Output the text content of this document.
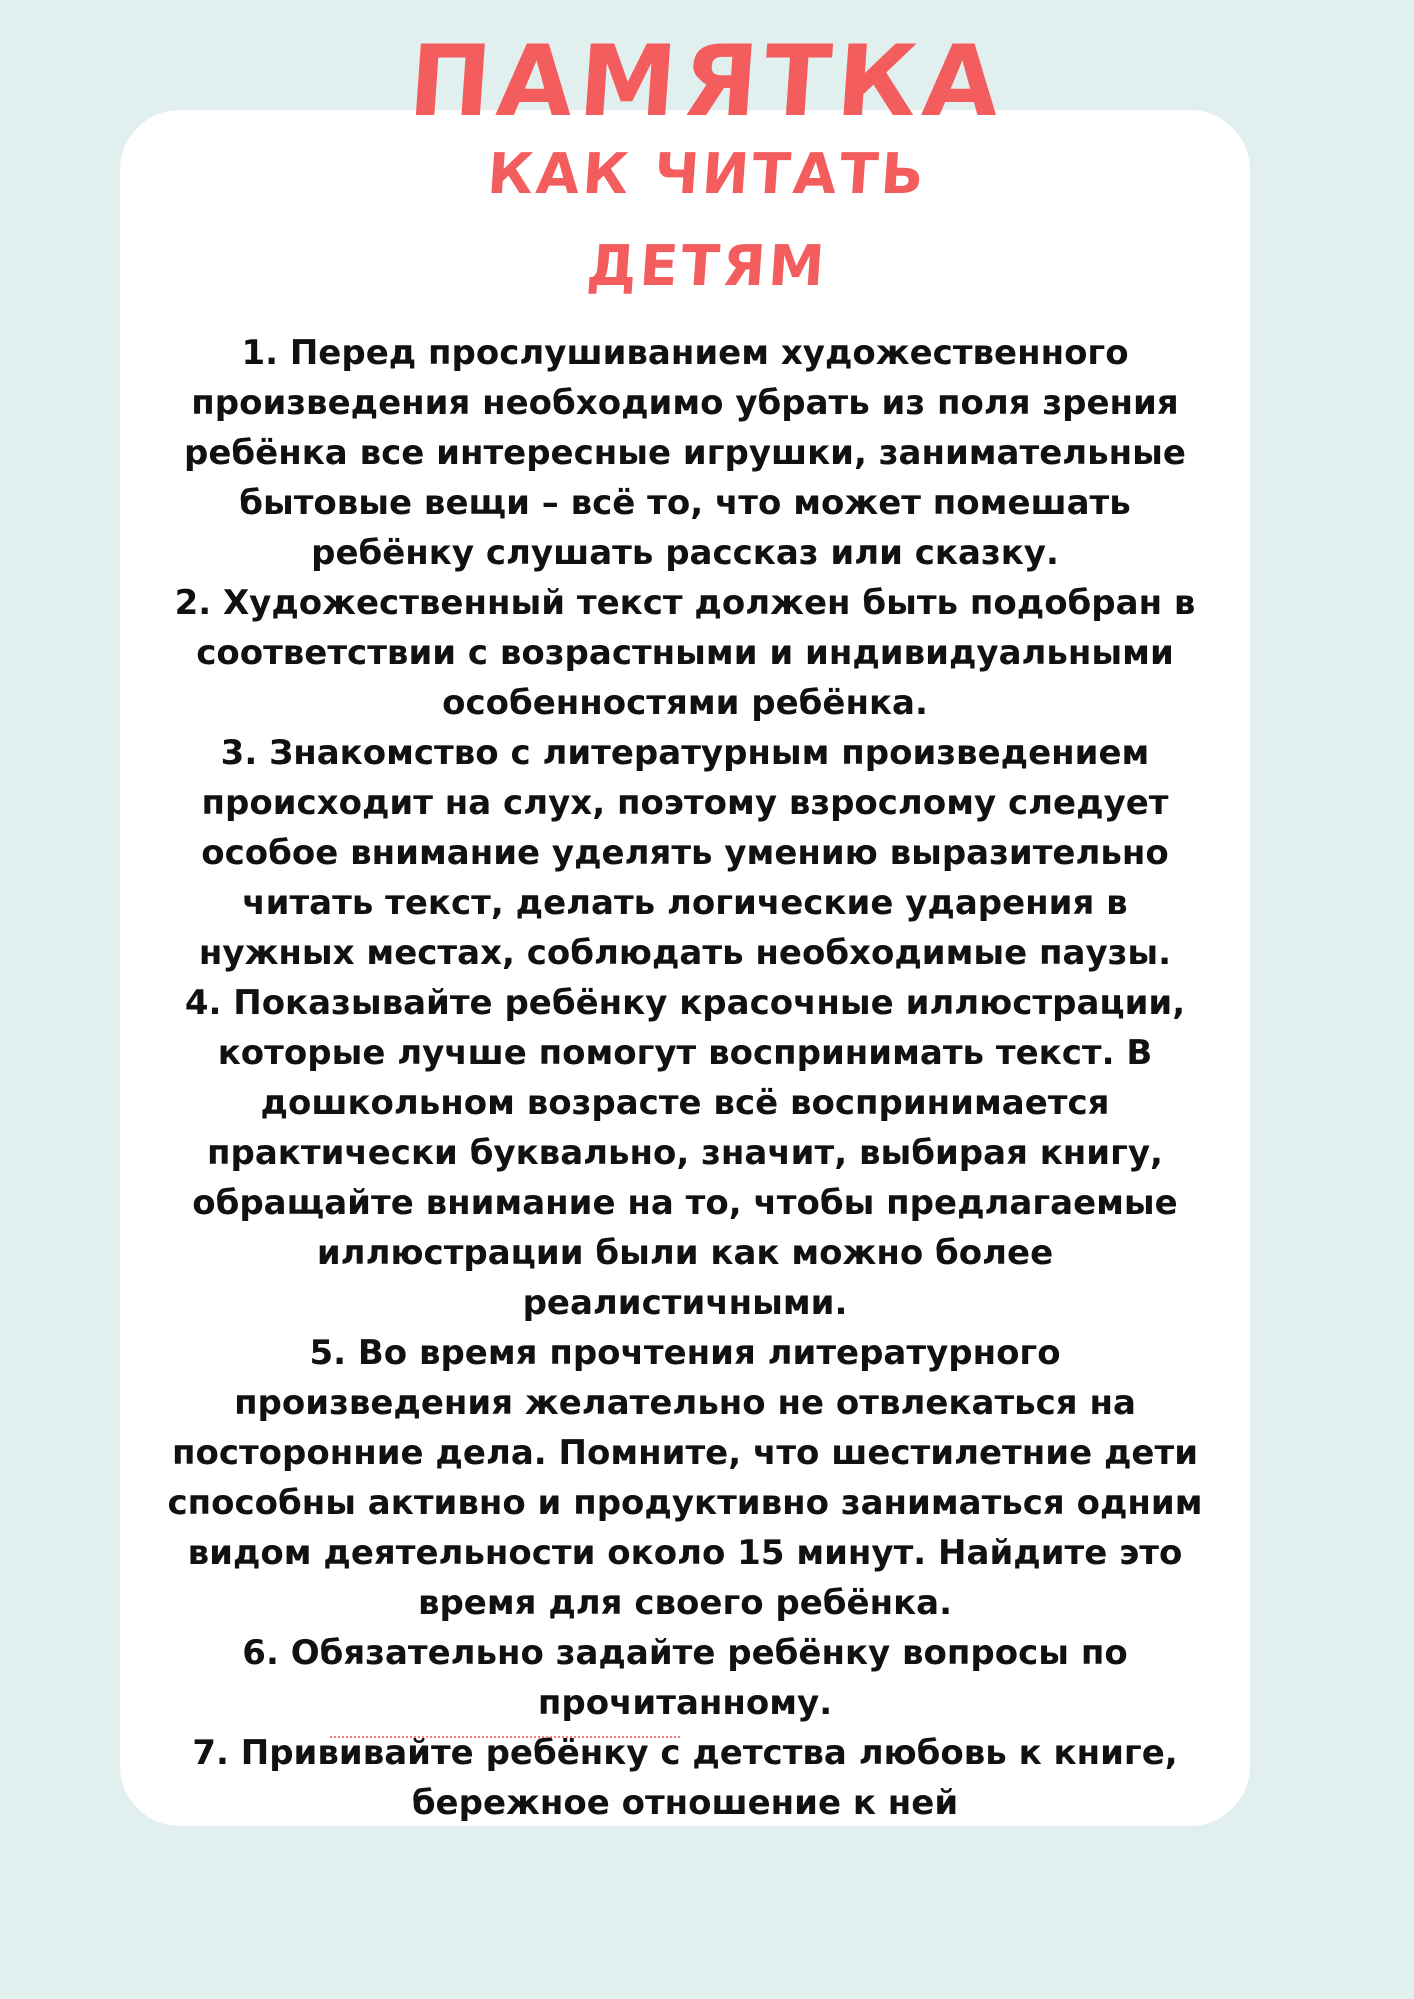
ПАМЯТКА
КАК ЧИТАТЬ
ДЕТЯМ

1. Перед прослушиванием художественного произведения необходимо убрать из поля зрения ребёнка все интересные игрушки, занимательные бытовые вещи – всё то, что может помешать ребёнку слушать рассказ или сказку.

2. Художественный текст должен быть подобран в соответствии с возрастными и индивидуальными особенностями ребёнка.

3. Знакомство с литературным произведением происходит на слух, поэтому взрослому следует особое внимание уделять умению выразительно читать текст, делать логические ударения в нужных местах, соблюдать необходимые паузы.

4. Показывайте ребёнку красочные иллюстрации, которые лучше помогут воспринимать текст. В дошкольном возрасте всё воспринимается практически буквально, значит, выбирая книгу, обращайте внимание на то, чтобы предлагаемые иллюстрации были как можно более реалистичными.

5. Во время прочтения литературного произведения желательно не отвлекаться на посторонние дела. Помните, что шестилетние дети способны активно и продуктивно заниматься одним видом деятельности около 15 минут. Найдите это время для своего ребёнка.

6. Обязательно задайте ребёнку вопросы по прочитанному.

7. Прививайте ребёнку с детства любовь к книге, бережное отношение к ней
